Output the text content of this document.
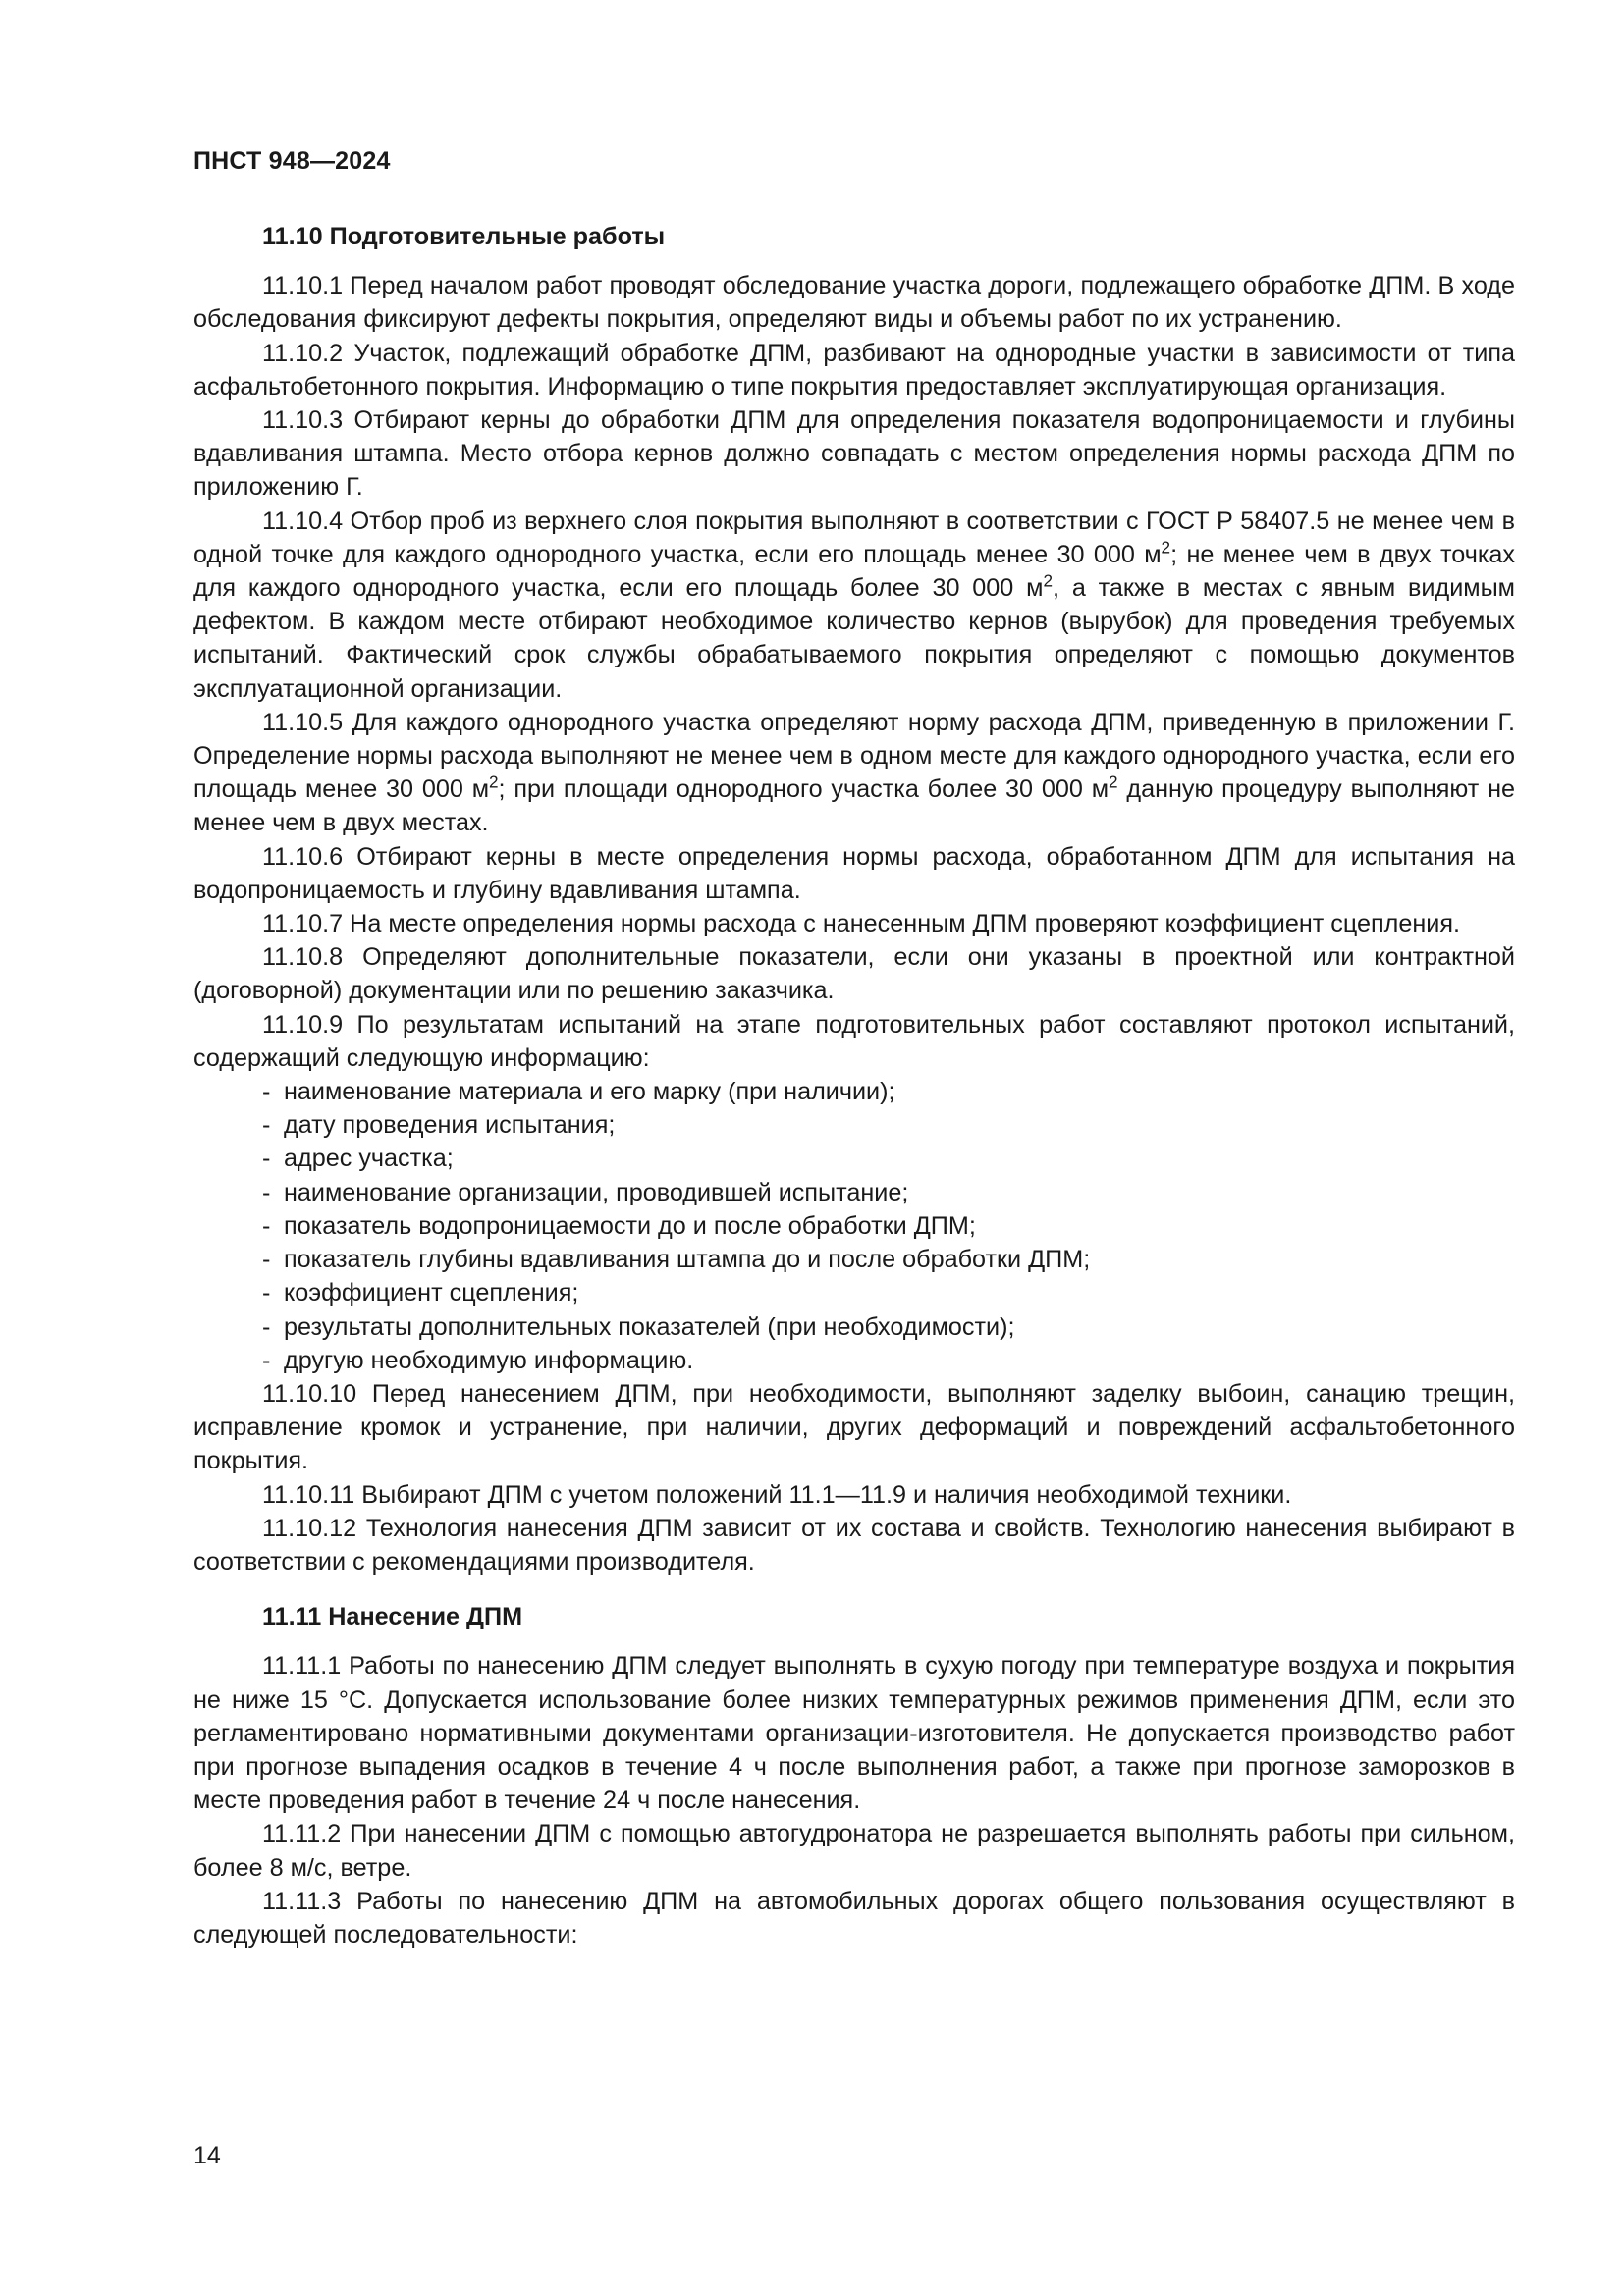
ПНСТ 948—2024
11.10 Подготовительные работы

11.10.1 Перед началом работ проводят обследование участка дороги, подлежащего обработке ДПМ. В ходе обследования фиксируют дефекты покрытия, определяют виды и объемы работ по их устранению.

11.10.2 Участок, подлежащий обработке ДПМ, разбивают на однородные участки в зависимости от типа асфальтобетонного покрытия. Информацию о типе покрытия предоставляет эксплуатирующая организация.

11.10.3 Отбирают керны до обработки ДПМ для определения показателя водопроницаемости и глубины вдавливания штампа. Место отбора кернов должно совпадать с местом определения нормы расхода ДПМ по приложению Г.

11.10.4 Отбор проб из верхнего слоя покрытия выполняют в соответствии с ГОСТ Р 58407.5 не менее чем в одной точке для каждого однородного участка, если его площадь менее 30 000 $м^2$; не менее чем в двух точках для каждого однородного участка, если его площадь более 30 000 $м^2$, а также в местах с явным видимым дефектом. В каждом месте отбирают необходимое количество кернов (вырубок) для проведения требуемых испытаний. Фактический срок службы обрабатываемого покрытия определяют с помощью документов эксплуатационной организации.

11.10.5 Для каждого однородного участка определяют норму расхода ДПМ, приведенную в приложении Г. Определение нормы расхода выполняют не менее чем в одном месте для каждого однородного участка, если его площадь менее 30 000 $м^2$; при площади однородного участка более 30 000 $м^2$ данную процедуру выполняют не менее чем в двух местах.

11.10.6 Отбирают керны в месте определения нормы расхода, обработанном ДПМ для испытания на водопроницаемость и глубину вдавливания штампа.

11.10.7 На месте определения нормы расхода с нанесенным ДПМ проверяют коэффициент сцепления.

11.10.8 Определяют дополнительные показатели, если они указаны в проектной или контрактной (договорной) документации или по решению заказчика.

11.10.9 По результатам испытаний на этапе подготовительных работ составляют протокол испытаний, содержащий следующую информацию:

- наименование материала и его марку (при наличии);
- дату проведения испытания;
- адрес участка;
- наименование организации, проводившей испытание;
- показатель водопроницаемости до и после обработки ДПМ;
- показатель глубины вдавливания штампа до и после обработки ДПМ;
- коэффициент сцепления;
- результаты дополнительных показателей (при необходимости);
- другую необходимую информацию.

11.10.10 Перед нанесением ДПМ, при необходимости, выполняют заделку выбоин, санацию трещин, исправление кромок и устранение, при наличии, других деформаций и повреждений асфальтобетонного покрытия.

11.10.11 Выбирают ДПМ с учетом положений 11.1—11.9 и наличия необходимой техники.

11.10.12 Технология нанесения ДПМ зависит от их состава и свойств. Технологию нанесения выбирают в соответствии с рекомендациями производителя.

11.11 Нанесение ДПМ

11.11.1 Работы по нанесению ДПМ следует выполнять в сухую погоду при температуре воздуха и покрытия не ниже 15 °С. Допускается использование более низких температурных режимов применения ДПМ, если это регламентировано нормативными документами организации-изготовителя. Не допускается производство работ при прогнозе выпадения осадков в течение 4 ч после выполнения работ, а также при прогнозе заморозков в месте проведения работ в течение 24 ч после нанесения.

11.11.2 При нанесении ДПМ с помощью автогудронатора не разрешается выполнять работы при сильном, более 8 м/с, ветре.

11.11.3 Работы по нанесению ДПМ на автомобильных дорогах общего пользования осуществляют в следующей последовательности:

14
